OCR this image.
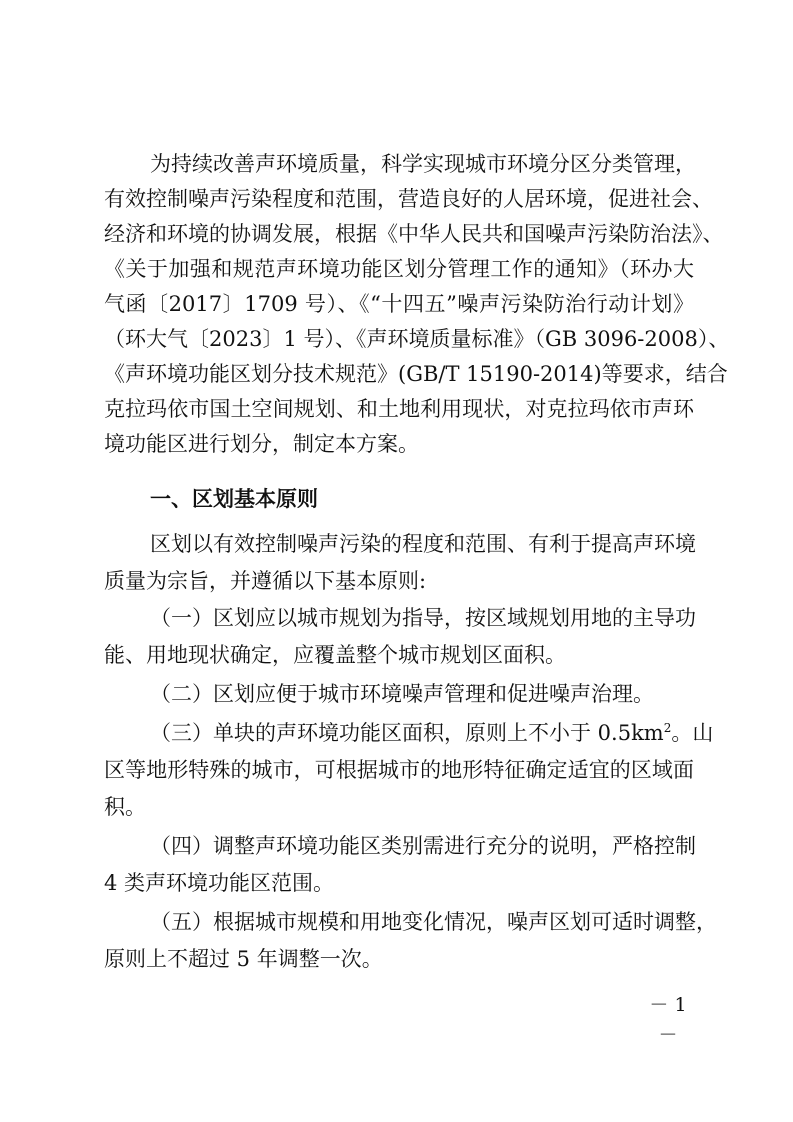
为持续改善声环境质量，科学实现城市环境分区分类管理，
有效控制噪声污染程度和范围，营造良好的人居环境，促进社会、
经济和环境的协调发展，根据《中华人民共和国噪声污染防治法》、
《关于加强和规范声环境功能区划分管理工作的通知》（环办大
气函〔2017〕1709 号）、《“十四五”噪声污染防治行动计划》
（环大气〔2023〕1 号）、《声环境质量标准》（GB 3096-2008）、
《声环境功能区划分技术规范》(GB/T 15190-2014)等要求，结合
克拉玛依市国土空间规划、和土地利用现状，对克拉玛依市声环
境功能区进行划分，制定本方案。
一、区划基本原则
区划以有效控制噪声污染的程度和范围、有利于提高声环境
质量为宗旨，并遵循以下基本原则:
（一）区划应以城市规划为指导，按区域规划用地的主导功
能、用地现状确定，应覆盖整个城市规划区面积。
（二）区划应便于城市环境噪声管理和促进噪声治理。
（三）单块的声环境功能区面积，原则上不小于 $0.5km^2$。山
区等地形特殊的城市，可根据城市的地形特征确定适宜的区域面
积。
（四）调整声环境功能区类别需进行充分的说明，严格控制
4 类声环境功能区范围。
（五）根据城市规模和用地变化情况，噪声区划可适时调整，
原则上不超过 5 年调整一次。
－ 1 －
